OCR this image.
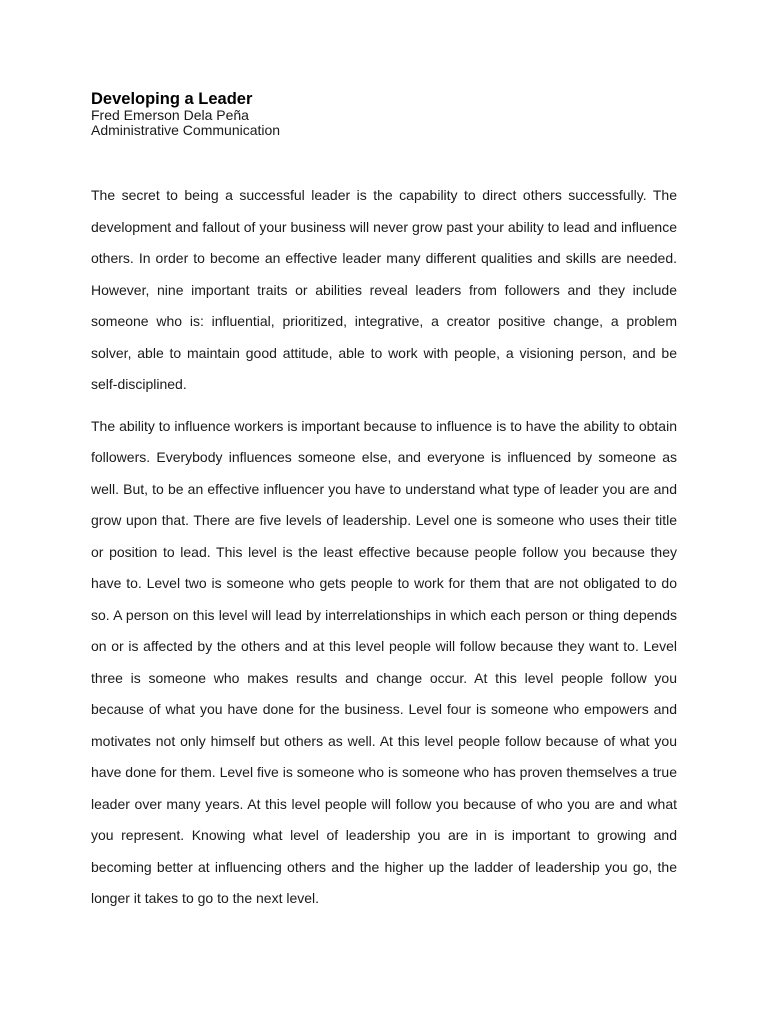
Developing a Leader

Fred Emerson Dela Peña

Administrative Communication

The secret to being a successful leader is the capability to direct others successfully. The development and fallout of your business will never grow past your ability to lead and influence others. In order to become an effective leader many different qualities and skills are needed. However, nine important traits or abilities reveal leaders from followers and they include someone who is: influential, prioritized, integrative, a creator positive change, a problem solver, able to maintain good attitude, able to work with people, a visioning person, and be self-disciplined.

The ability to influence workers is important because to influence is to have the ability to obtain followers. Everybody influences someone else, and everyone is influenced by someone as well. But, to be an effective influencer you have to understand what type of leader you are and grow upon that. There are five levels of leadership. Level one is someone who uses their title or position to lead. This level is the least effective because people follow you because they have to. Level two is someone who gets people to work for them that are not obligated to do so. A person on this level will lead by interrelationships in which each person or thing depends on or is affected by the others and at this level people will follow because they want to. Level three is someone who makes results and change occur. At this level people follow you because of what you have done for the business. Level four is someone who empowers and motivates not only himself but others as well. At this level people follow because of what you have done for them. Level five is someone who is someone who has proven themselves a true leader over many years. At this level people will follow you because of who you are and what you represent. Knowing what level of leadership you are in is important to growing and becoming better at influencing others and the higher up the ladder of leadership you go, the longer it takes to go to the next level.
